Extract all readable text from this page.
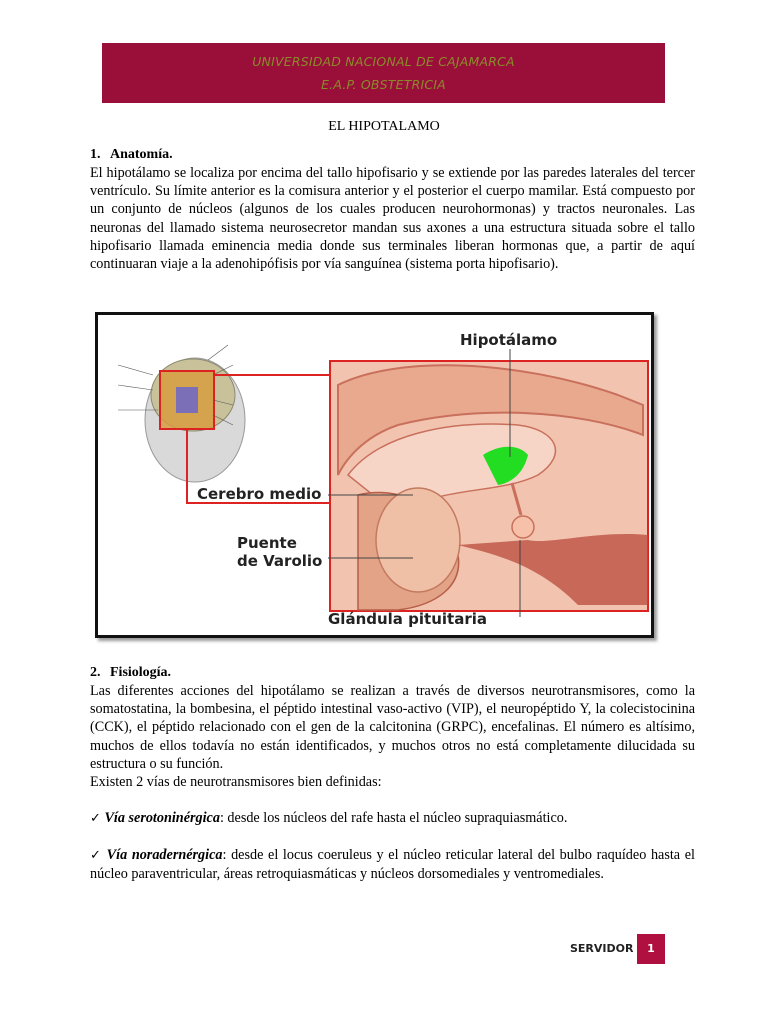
UNIVERSIDAD NACIONAL DE CAJAMARCA
E.A.P. OBSTETRICIA
EL HIPOTALAMO
1. Anatomía.
El hipotálamo se localiza por encima del tallo hipofisario y se extiende por las paredes laterales del tercer ventrículo. Su límite anterior es la comisura anterior y el posterior el cuerpo mamilar. Está compuesto por un conjunto de núcleos (algunos de los cuales producen neurohormonas) y tractos neuronales. Las neuronas del llamado sistema neurosecretor mandan sus axones a una estructura situada sobre el tallo hipofisario llamada eminencia media donde sus terminales liberan hormonas que, a partir de aquí continuaran viaje a la adenohipófisis por vía sanguínea (sistema porta hipofisario).
Hipotálamo
Cerebro medio
Puente
de Varolio
Glándula pituitaria
2. Fisiología.
Las diferentes acciones del hipotálamo se realizan a través de diversos neurotransmisores, como la somatostatina, la bombesina, el péptido intestinal vaso-activo (VIP), el neuropéptido Y, la colecistocinina (CCK), el péptido relacionado con el gen de la calcitonina (GRPC), encefalinas. El número es altísimo, muchos de ellos todavía no están identificados, y muchos otros no está completamente dilucidada su estructura o su función.
Existen 2 vías de neurotransmisores bien definidas:
✓ Vía serotoninérgica: desde los núcleos del rafe hasta el núcleo supraquiasmático.
✓ Vía noradernérgica: desde el locus coeruleus y el núcleo reticular lateral del bulbo raquídeo hasta el núcleo paraventricular, áreas retroquiasmáticas y núcleos dorsomediales y ventromediales.
SERVIDOR	1
